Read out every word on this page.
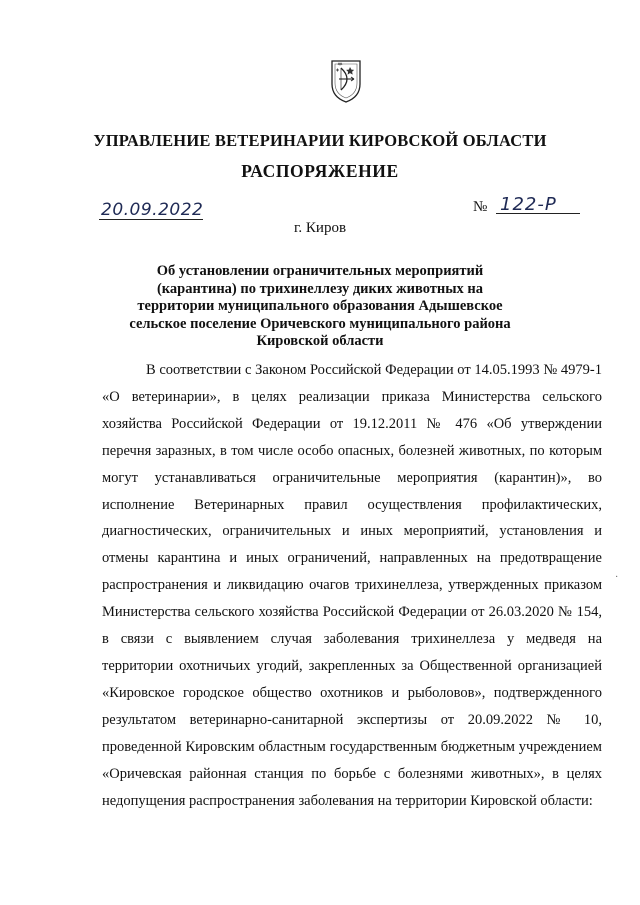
УПРАВЛЕНИЕ ВЕТЕРИНАРИИ КИРОВСКОЙ ОБЛАСТИ
РАСПОРЯЖЕНИЕ
20.09.2022	№ 122-Р
г. Киров
Об установлении ограничительных мероприятий (карантина) по трихинеллезу диких животных на территории муниципального образования Адышевское сельское поселение Оричевского муниципального района Кировской области

В соответствии с Законом Российской Федерации от 14.05.1993 № 4979-1 «О ветеринарии», в целях реализации приказа Министерства сельского хозяйства Российской Федерации от 19.12.2011 № 476 «Об утверждении перечня заразных, в том числе особо опасных, болезней животных, по которым могут устанавливаться ограничительные мероприятия (карантин)», во исполнение Ветеринарных правил осуществления профилактических, диагностических, ограничительных и иных мероприятий, установления и отмены карантина и иных ограничений, направленных на предотвращение распространения и ликвидацию очагов трихинеллеза, утвержденных приказом Министерства сельского хозяйства Российской Федерации от 26.03.2020 № 154, в связи с выявлением случая заболевания трихинеллеза у медведя на территории охотничьих угодий, закрепленных за Общественной организацией «Кировское городское общество охотников и рыболовов», подтвержденного результатом ветеринарно-санитарной экспертизы от 20.09.2022 № 10, проведенной Кировским областным государственным бюджетным учреждением «Оричевская районная станция по борьбе с болезнями животных», в целях недопущения распространения заболевания на территории Кировской области:

·
